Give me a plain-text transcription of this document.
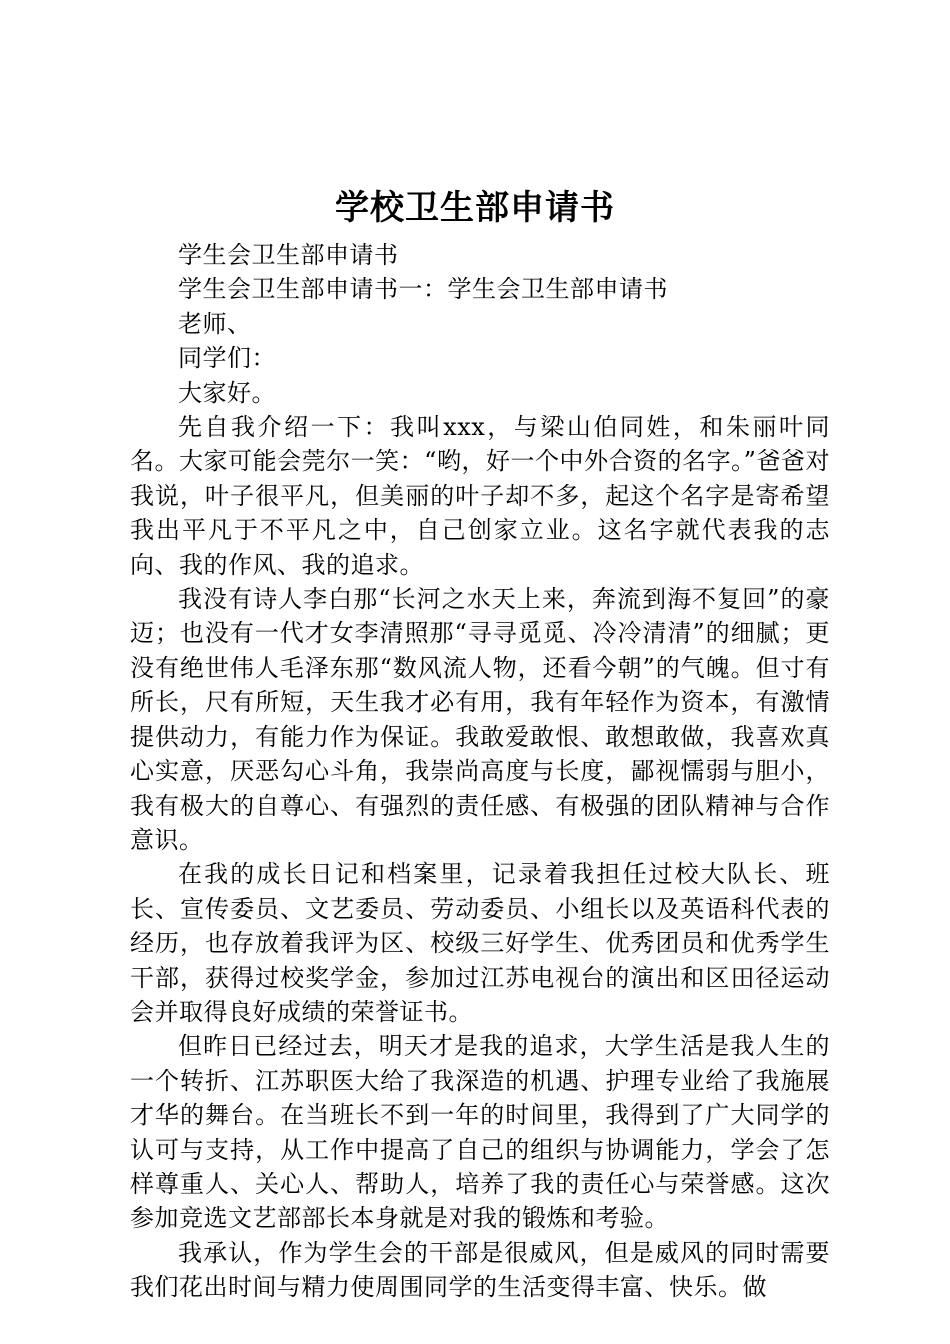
学校卫生部申请书

学生会卫生部申请书

学生会卫生部申请书一：学生会卫生部申请书

老师、

同学们：

大家好。

先自我介绍一下：我叫xxx，与梁山伯同姓，和朱丽叶同名。大家可能会莞尔一笑：“哟，好一个中外合资的名字。”爸爸对我说，叶子很平凡，但美丽的叶子却不多，起这个名字是寄希望我出平凡于不平凡之中，自己创家立业。这名字就代表我的志向、我的作风、我的追求。

我没有诗人李白那“长河之水天上来，奔流到海不复回”的豪迈；也没有一代才女李清照那“寻寻觅觅、冷冷清清”的细腻；更没有绝世伟人毛泽东那“数风流人物，还看今朝”的气魄。但寸有所长，尺有所短，天生我才必有用，我有年轻作为资本，有激情提供动力，有能力作为保证。我敢爱敢恨、敢想敢做，我喜欢真心实意，厌恶勾心斗角，我崇尚高度与长度，鄙视懦弱与胆小，我有极大的自尊心、有强烈的责任感、有极强的团队精神与合作意识。

在我的成长日记和档案里，记录着我担任过校大队长、班长、宣传委员、文艺委员、劳动委员、小组长以及英语科代表的经历，也存放着我评为区、校级三好学生、优秀团员和优秀学生干部，获得过校奖学金，参加过江苏电视台的演出和区田径运动会并取得良好成绩的荣誉证书。

但昨日已经过去，明天才是我的追求，大学生活是我人生的一个转折、江苏职医大给了我深造的机遇、护理专业给了我施展才华的舞台。在当班长不到一年的时间里，我得到了广大同学的认可与支持，从工作中提高了自己的组织与协调能力，学会了怎样尊重人、关心人、帮助人，培养了我的责任心与荣誉感。这次参加竞选文艺部部长本身就是对我的锻炼和考验。

我承认，作为学生会的干部是很威风，但是威风的同时需要我们花出时间与精力使周围同学的生活变得丰富、快乐。做
